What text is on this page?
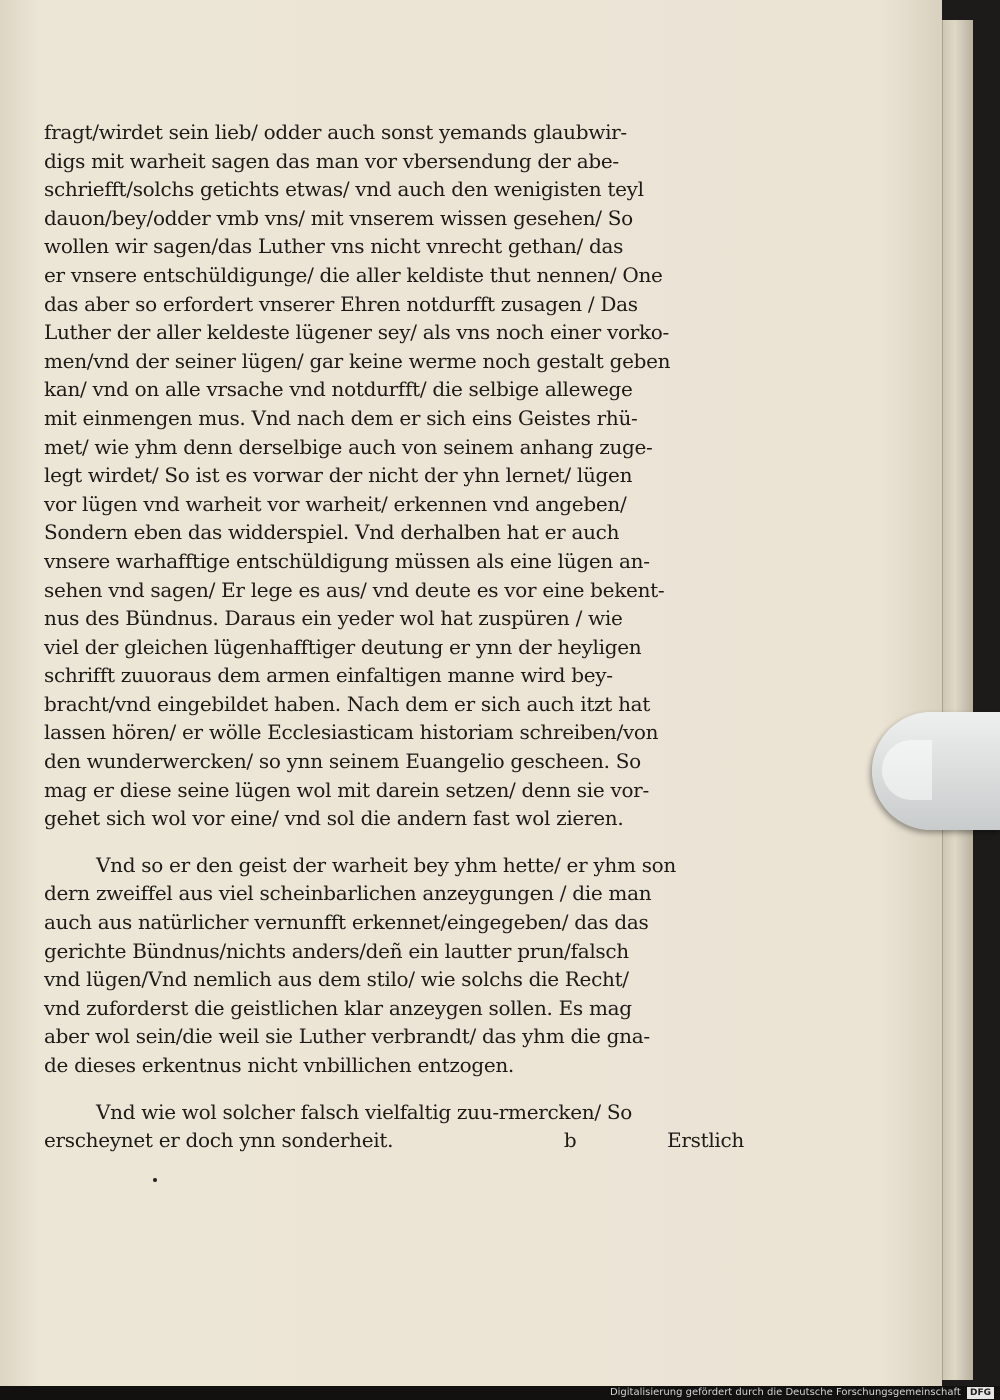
fragt/wirdet sein lieb/ odder auch sonst yemands glaubwir-
digs mit warheit sagen das man vor vbersendung der abe-
schriefft/solchs getichts etwas/ vnd auch den wenigisten teyl
dauon/bey/odder vmb vns/ mit vnserem wissen gesehen/ So
wollen wir sagen/das Luther vns nicht vnrecht gethan/ das
er vnsere entschüldigunge/ die aller keldiste thut nennen/ One
das aber so erfordert vnserer Ehren notdurfft zusagen / Das
Luther der aller keldeste lügener sey/ als vns noch einer vorko-
men/vnd der seiner lügen/ gar keine werme noch gestalt geben
kan/ vnd on alle vrsache vnd notdurfft/ die selbige allewege
mit einmengen mus. Vnd nach dem er sich eins Geistes rhü-
met/ wie yhm denn derselbige auch von seinem anhang zuge-
legt wirdet/ So ist es vorwar der nicht der yhn lernet/ lügen
vor lügen vnd warheit vor warheit/ erkennen vnd angeben/
Sondern eben das widderspiel. Vnd derhalben hat er auch
vnsere warhafftige entschüldigung müssen als eine lügen an-
sehen vnd sagen/ Er lege es aus/ vnd deute es vor eine bekent-
nus des Bündnus. Daraus ein yeder wol hat zuspüren / wie
viel der gleichen lügenhafftiger deutung er ynn der heyligen
schrifft zuuoraus dem armen einfaltigen manne wird bey-
bracht/vnd eingebildet haben. Nach dem er sich auch itzt hat
lassen hören/ er wölle Ecclesiasticam historiam schreiben/von
den wunderwercken/ so ynn seinem Euangelio gescheen. So
mag er diese seine lügen wol mit darein setzen/ denn sie vor-
gehet sich wol vor eine/ vnd sol die andern fast wol zieren.
Vnd so er den geist der warheit bey yhm hette/ er yhm son
dern zweiffel aus viel scheinbarlichen anzeygungen / die man
auch aus natürlicher vernunfft erkennet/eingegeben/ das das
gerichte Bündnus/nichts anders/deñ ein lautter prun/falsch
vnd lügen/Vnd nemlich aus dem stilo/ wie solchs die Recht/
vnd zuforderst die geistlichen klar anzeygen sollen. Es mag
aber wol sein/die weil sie Luther verbrandt/ das yhm die gna-
de dieses erkentnus nicht vnbillichen entzogen.
Vnd wie wol solcher falsch vielfaltig zuu-rmercken/ So
erscheynet er doch ynn sonderheit.	b	Erstlich
Digitalisierung gefördert durch die Deutsche Forschungsgemeinschaft DFG
